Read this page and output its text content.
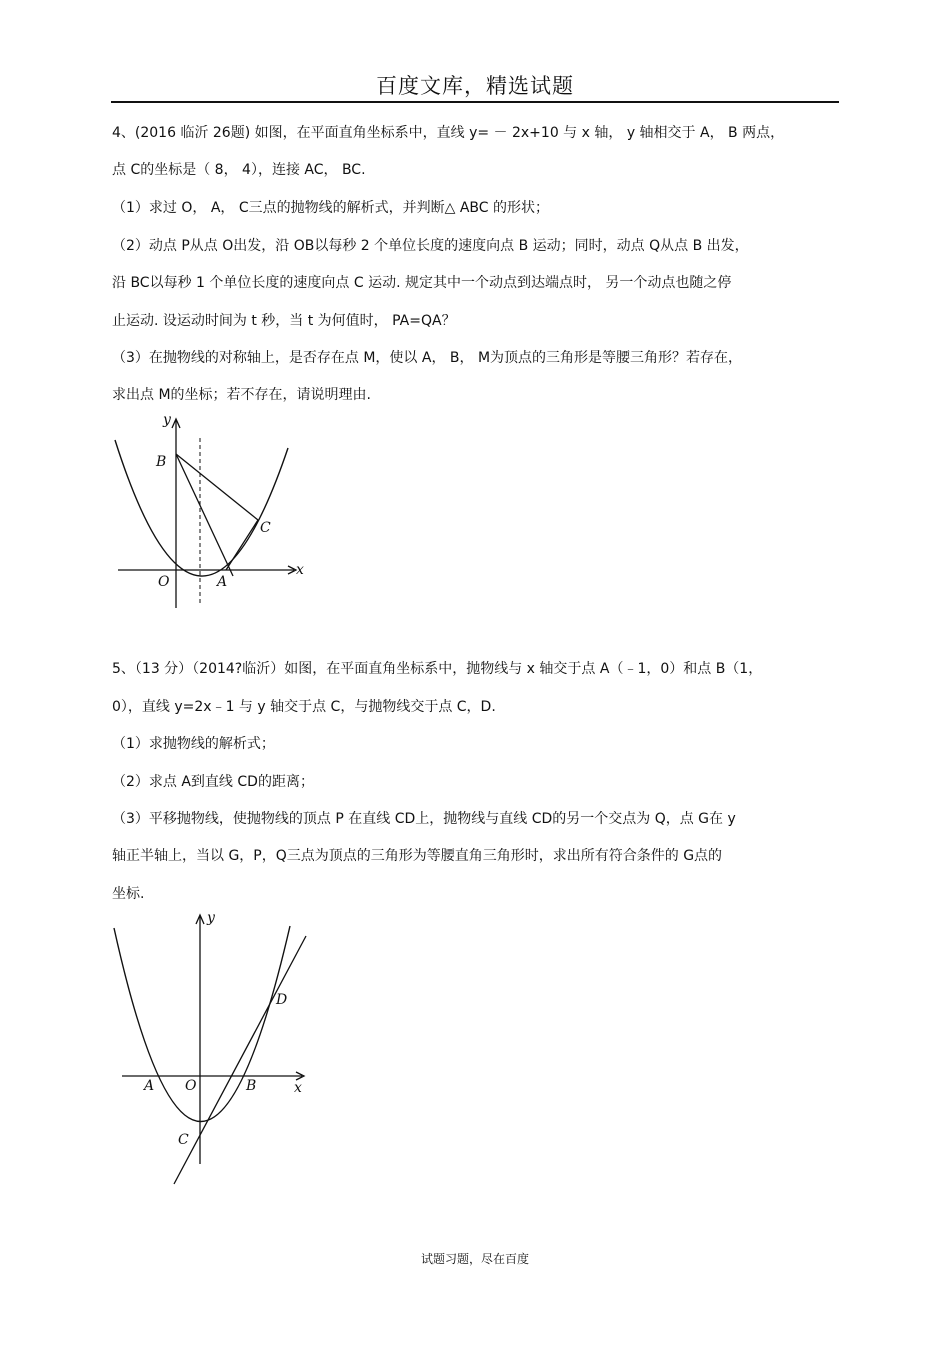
百度文库，精选试题
4、(2016 临沂 26题) 如图，在平面直角坐标系中，直线 y= － 2x+10 与 x 轴， y 轴相交于 A， B 两点，
点 C的坐标是（ 8， 4），连接 AC， BC.
（1）求过 O， A， C三点的抛物线的解析式，并判断△ ABC 的形状；
（2）动点 P从点 O出发，沿 OB以每秒 2 个单位长度的速度向点 B 运动；同时，动点 Q从点 B 出发，
沿 BC以每秒 1 个单位长度的速度向点 C 运动. 规定其中一个动点到达端点时， 另一个动点也随之停
止运动. 设运动时间为 t 秒，当 t 为何值时， PA=QA？
（3）在抛物线的对称轴上，是否存在点 M，使以 A， B， M为顶点的三角形是等腰三角形？若存在，
求出点 M的坐标；若不存在，请说明理由.
y
x
B
C
O	A
5、（13 分）（2014?临沂）如图，在平面直角坐标系中，抛物线与 x 轴交于点 A（﹣1，0）和点 B（1，
0），直线 y=2x﹣1 与 y 轴交于点 C，与抛物线交于点 C，D.
（1）求抛物线的解析式；
（2）求点 A到直线 CD的距离；
（3）平移抛物线，使抛物线的顶点 P 在直线 CD上，抛物线与直线 CD的另一个交点为 Q，点 G在 y
轴正半轴上，当以 G，P，Q三点为顶点的三角形为等腰直角三角形时，求出所有符合条件的 G点的
坐标.
y
x
D
A O	B
C
试题习题，尽在百度
